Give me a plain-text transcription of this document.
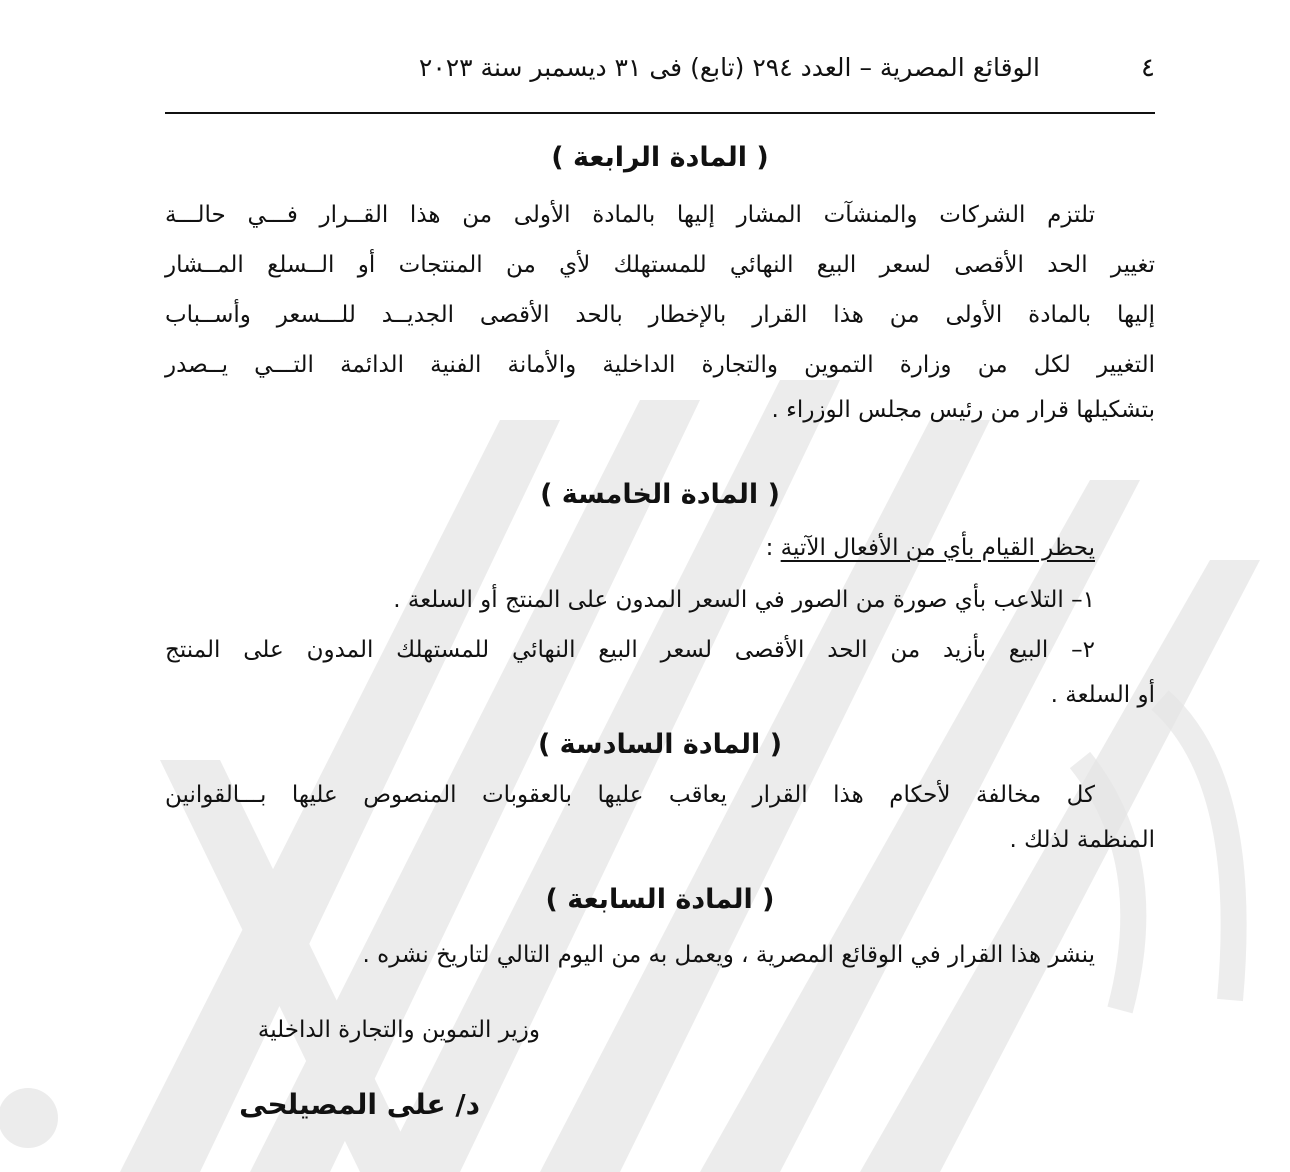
٤
الوقائع المصرية – العدد ٢٩٤ (تابع) فى ٣١ ديسمبر سنة ٢٠٢٣
( المادة الرابعة )
تلتزم الشركات والمنشآت المشار إليها بالمادة الأولى من هذا القــرار فـــي حالـــة
تغيير الحد الأقصى لسعر البيع النهائي للمستهلك لأي من المنتجات أو الــسلع المــشار
إليها بالمادة الأولى من هذا القرار بالإخطار بالحد الأقصى الجديــد للـــسعر وأســباب
التغيير لكل من وزارة التموين والتجارة الداخلية والأمانة الفنية الدائمة التـــي يــصدر
بتشكيلها قرار من رئيس مجلس الوزراء .
( المادة الخامسة )
يحظر القيام بأي من الأفعال الآتية :
١– التلاعب بأي صورة من الصور في السعر المدون على المنتج أو السلعة .
٢– البيع بأزيد من الحد الأقصى لسعر البيع النهائي للمستهلك المدون على المنتج
أو السلعة .
( المادة السادسة )
كل مخالفة لأحكام هذا القرار يعاقب عليها بالعقوبات المنصوص عليها بـــالقوانين
المنظمة لذلك .
( المادة السابعة )
ينشر هذا القرار في الوقائع المصرية ، ويعمل به من اليوم التالي لتاريخ نشره .
وزير التموين والتجارة الداخلية
د/ على المصيلحى
